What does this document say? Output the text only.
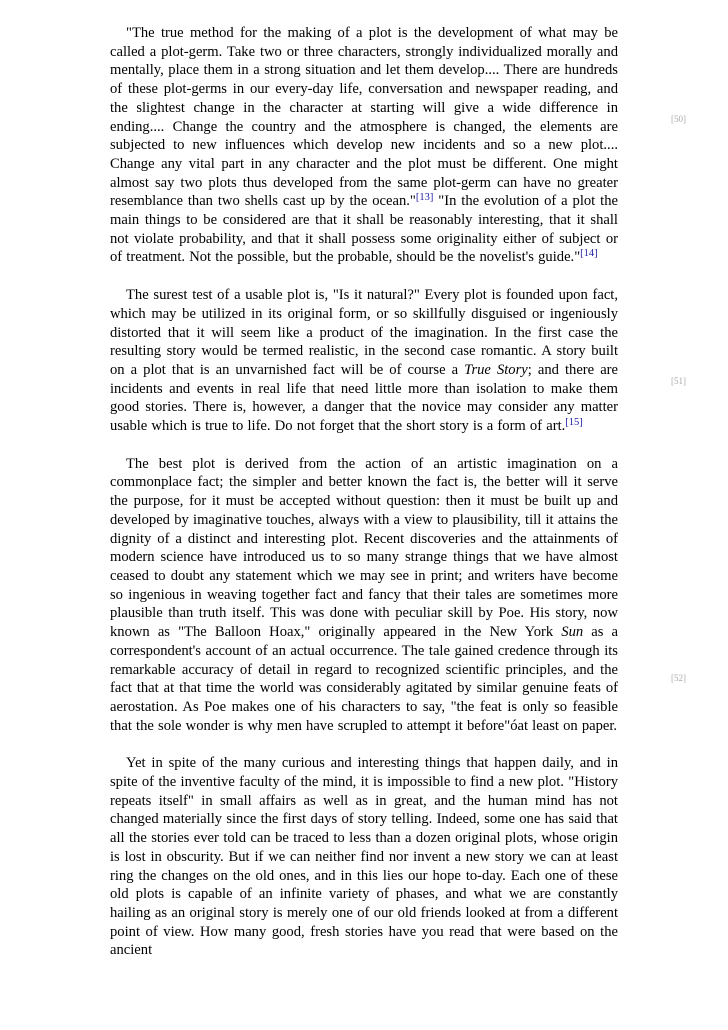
"The true method for the making of a plot is the development of what may be called a plot-germ. Take two or three characters, strongly individualized morally and mentally, place them in a strong situation and let them develop.... There are hundreds of these plot-germs in our every-day life, conversation and newspaper reading, and the slightest change in the character at starting will give a wide difference in ending.... Change the country and the atmosphere is changed, the elements are subjected to new influences which develop new incidents and so a new plot.... Change any vital part in any character and the plot must be different. One might almost say two plots thus developed from the same plot-germ can have no greater resemblance than two shells cast up by the ocean."[13] "In the evolution of a plot the main things to be considered are that it shall be reasonably interesting, that it shall not violate probability, and that it shall possess some originality either of subject or of treatment. Not the possible, but the probable, should be the novelist's guide."[14]

The surest test of a usable plot is, "Is it natural?" Every plot is founded upon fact, which may be utilized in its original form, or so skillfully disguised or ingeniously distorted that it will seem like a product of the imagination. In the first case the resulting story would be termed realistic, in the second case romantic. A story built on a plot that is an unvarnished fact will be of course a True Story; and there are incidents and events in real life that need little more than isolation to make them good stories. There is, however, a danger that the novice may consider any matter usable which is true to life. Do not forget that the short story is a form of art.[15]

The best plot is derived from the action of an artistic imagination on a commonplace fact; the simpler and better known the fact is, the better will it serve the purpose, for it must be accepted without question: then it must be built up and developed by imaginative touches, always with a view to plausibility, till it attains the dignity of a distinct and interesting plot. Recent discoveries and the attainments of modern science have introduced us to so many strange things that we have almost ceased to doubt any statement which we may see in print; and writers have become so ingenious in weaving together fact and fancy that their tales are sometimes more plausible than truth itself. This was done with peculiar skill by Poe. His story, now known as "The Balloon Hoax," originally appeared in the New York Sun as a correspondent's account of an actual occurrence. The tale gained credence through its remarkable accuracy of detail in regard to recognized scientific principles, and the fact that at that time the world was considerably agitated by similar genuine feats of aerostation. As Poe makes one of his characters to say, "the feat is only so feasible that the sole wonder is why men have scrupled to attempt it before"óat least on paper.

Yet in spite of the many curious and interesting things that happen daily, and in spite of the inventive faculty of the mind, it is impossible to find a new plot. "History repeats itself" in small affairs as well as in great, and the human mind has not changed materially since the first days of story telling. Indeed, some one has said that all the stories ever told can be traced to less than a dozen original plots, whose origin is lost in obscurity. But if we can neither find nor invent a new story we can at least ring the changes on the old ones, and in this lies our hope to-day. Each one of these old plots is capable of an infinite variety of phases, and what we are constantly hailing as an original story is merely one of our old friends looked at from a different point of view. How many good, fresh stories have you read that were based on the ancient

[50]
[51]
[52]
